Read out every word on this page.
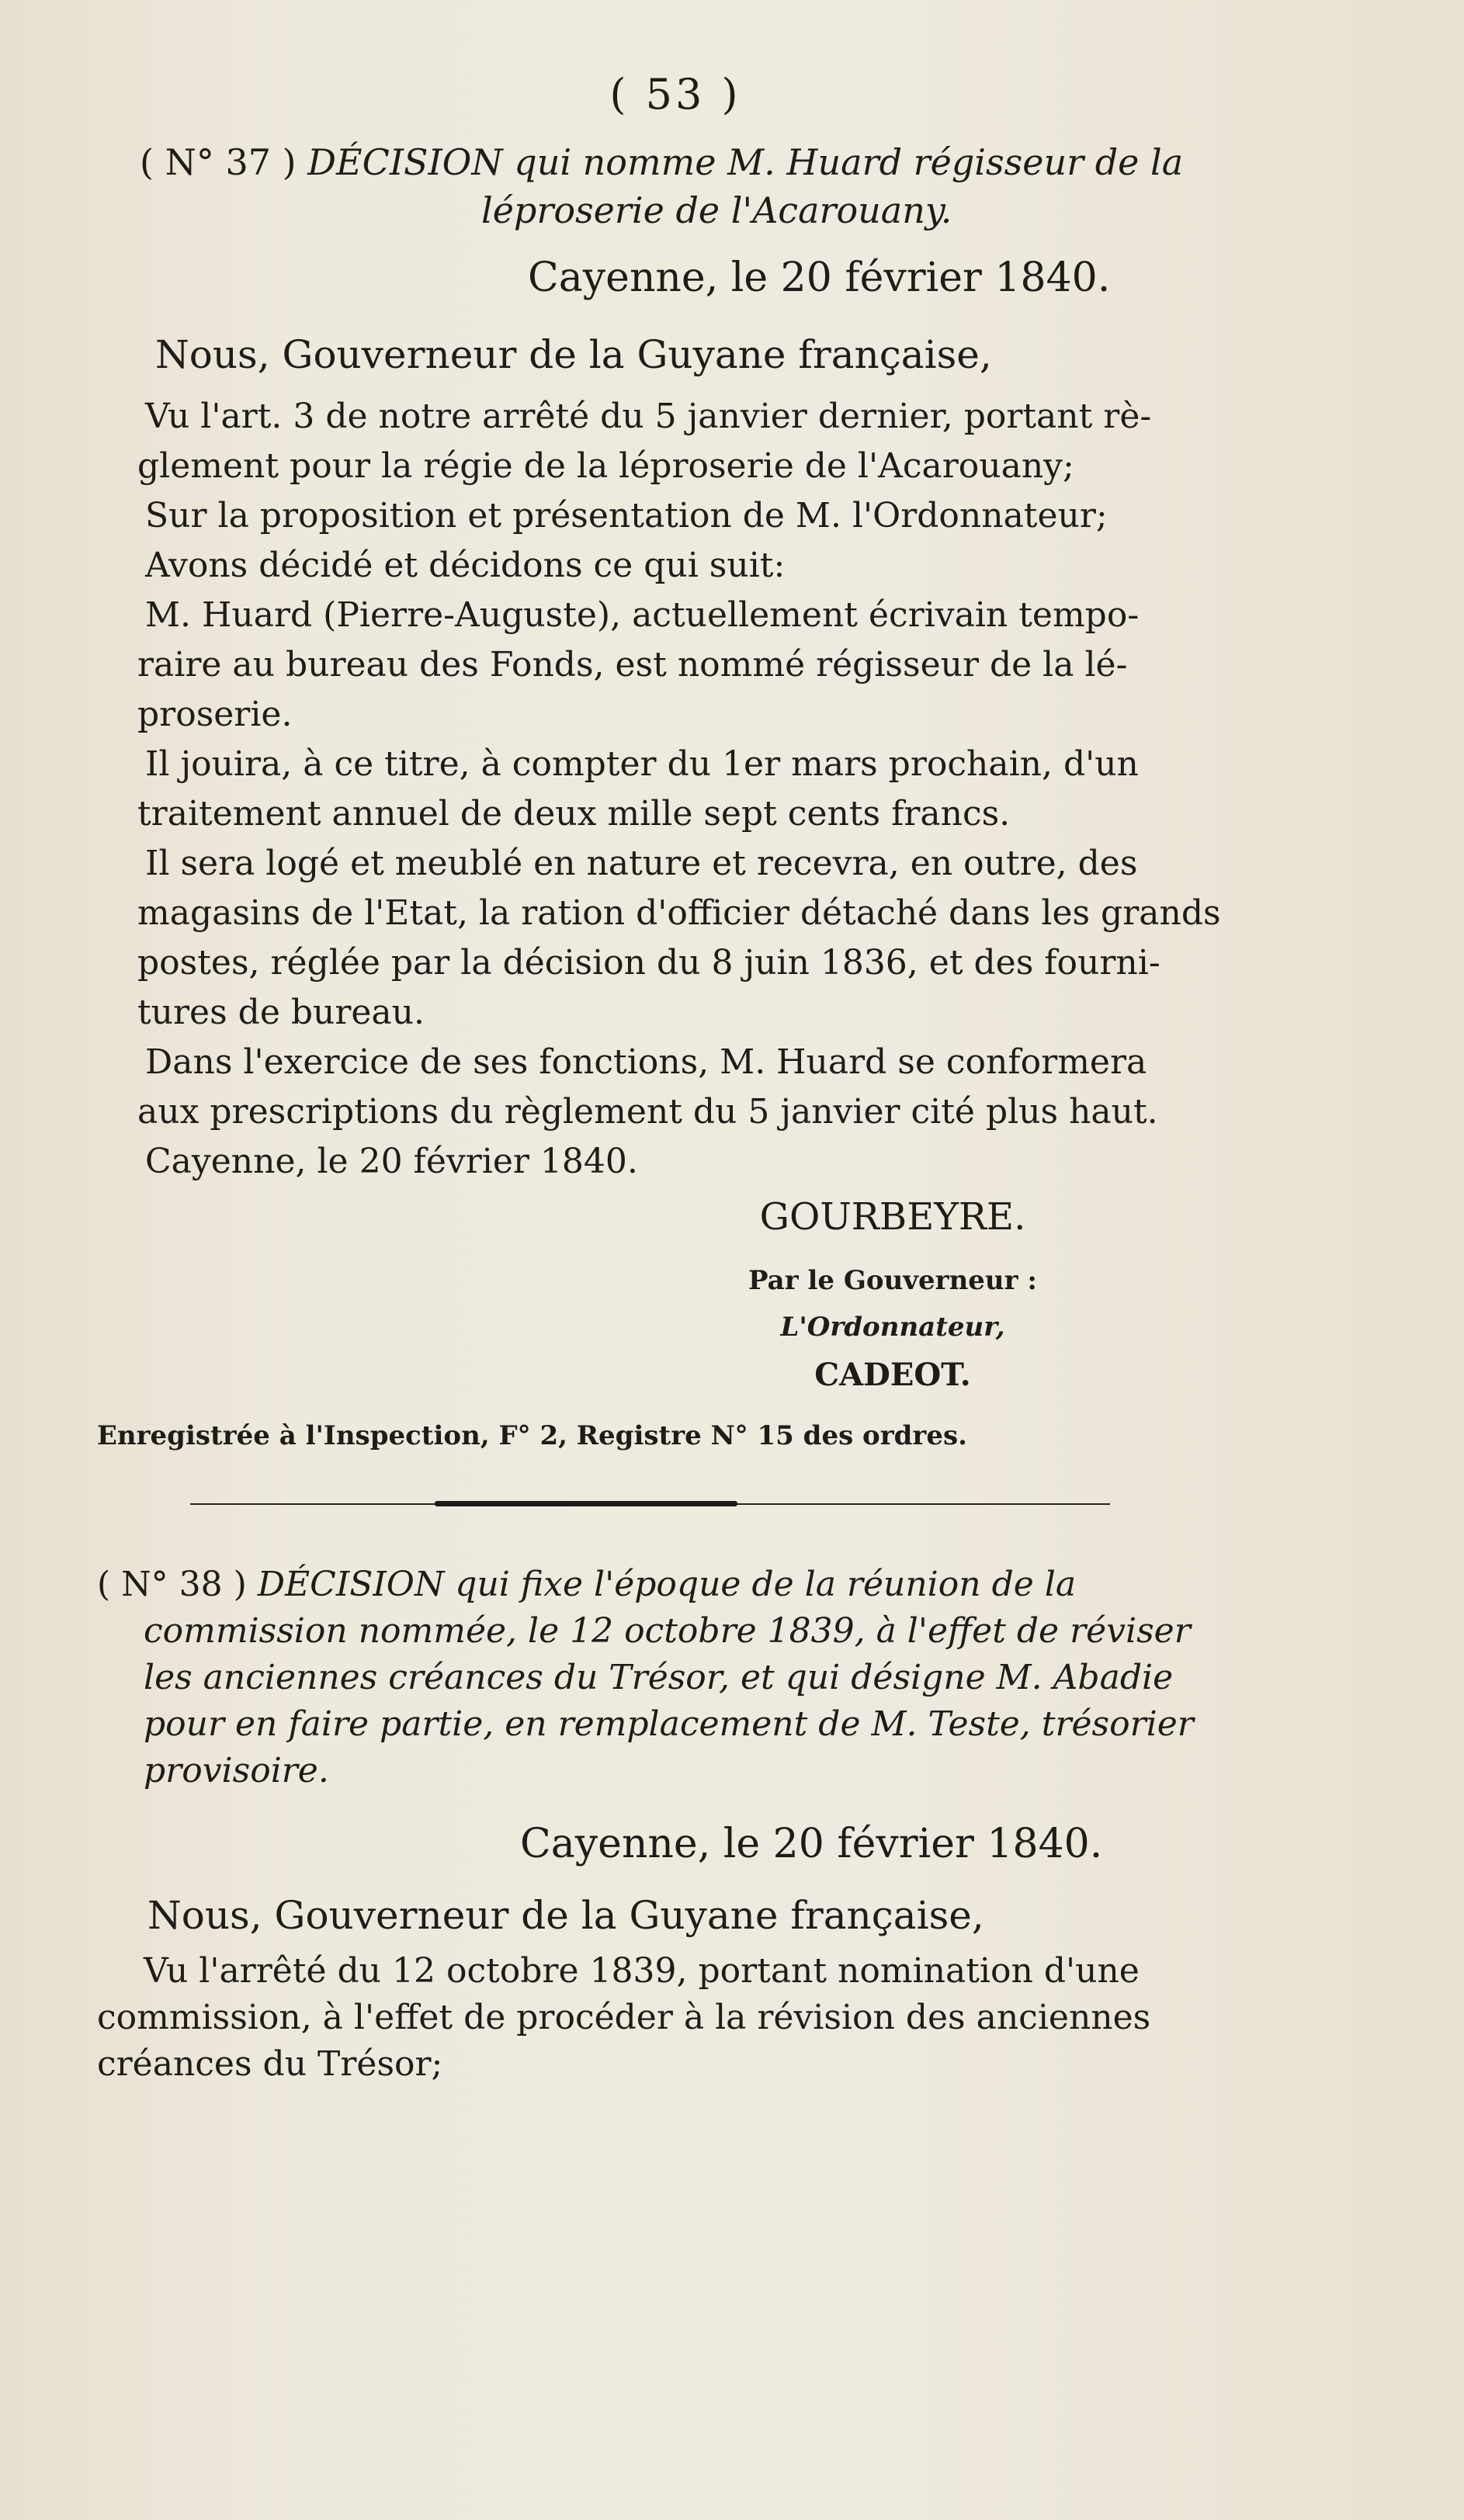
( 53 )
( N° 37 ) DÉCISION qui nomme M. Huard régisseur de la
léproserie de l'Acarouany.
Cayenne, le 20 février 1840.
Nous, Gouverneur de la Guyane française,
Vu l'art. 3 de notre arrêté du 5 janvier dernier, portant rè-
glement pour la régie de la léproserie de l'Acarouany;
Sur la proposition et présentation de M. l'Ordonnateur;
Avons décidé et décidons ce qui suit:
M. Huard (Pierre-Auguste), actuellement écrivain tempo-
raire au bureau des Fonds, est nommé régisseur de la lé-
proserie.
Il jouira, à ce titre, à compter du 1er mars prochain, d'un
traitement annuel de deux mille sept cents francs.
Il sera logé et meublé en nature et recevra, en outre, des
magasins de l'Etat, la ration d'officier détaché dans les grands
postes, réglée par la décision du 8 juin 1836, et des fourni-
tures de bureau.
Dans l'exercice de ses fonctions, M. Huard se conformera
aux prescriptions du règlement du 5 janvier cité plus haut.
Cayenne, le 20 février 1840.
GOURBEYRE.
Par le Gouverneur :
L'Ordonnateur,
CADEOT.
Enregistrée à l'Inspection, F° 2, Registre N° 15 des ordres.
( N° 38 ) DÉCISION qui fixe l'époque de la réunion de la
commission nommée, le 12 octobre 1839, à l'effet de réviser
les anciennes créances du Trésor, et qui désigne M. Abadie
pour en faire partie, en remplacement de M. Teste, trésorier
provisoire.
Cayenne, le 20 février 1840.
Nous, Gouverneur de la Guyane française,
Vu l'arrêté du 12 octobre 1839, portant nomination d'une
commission, à l'effet de procéder à la révision des anciennes
créances du Trésor;
